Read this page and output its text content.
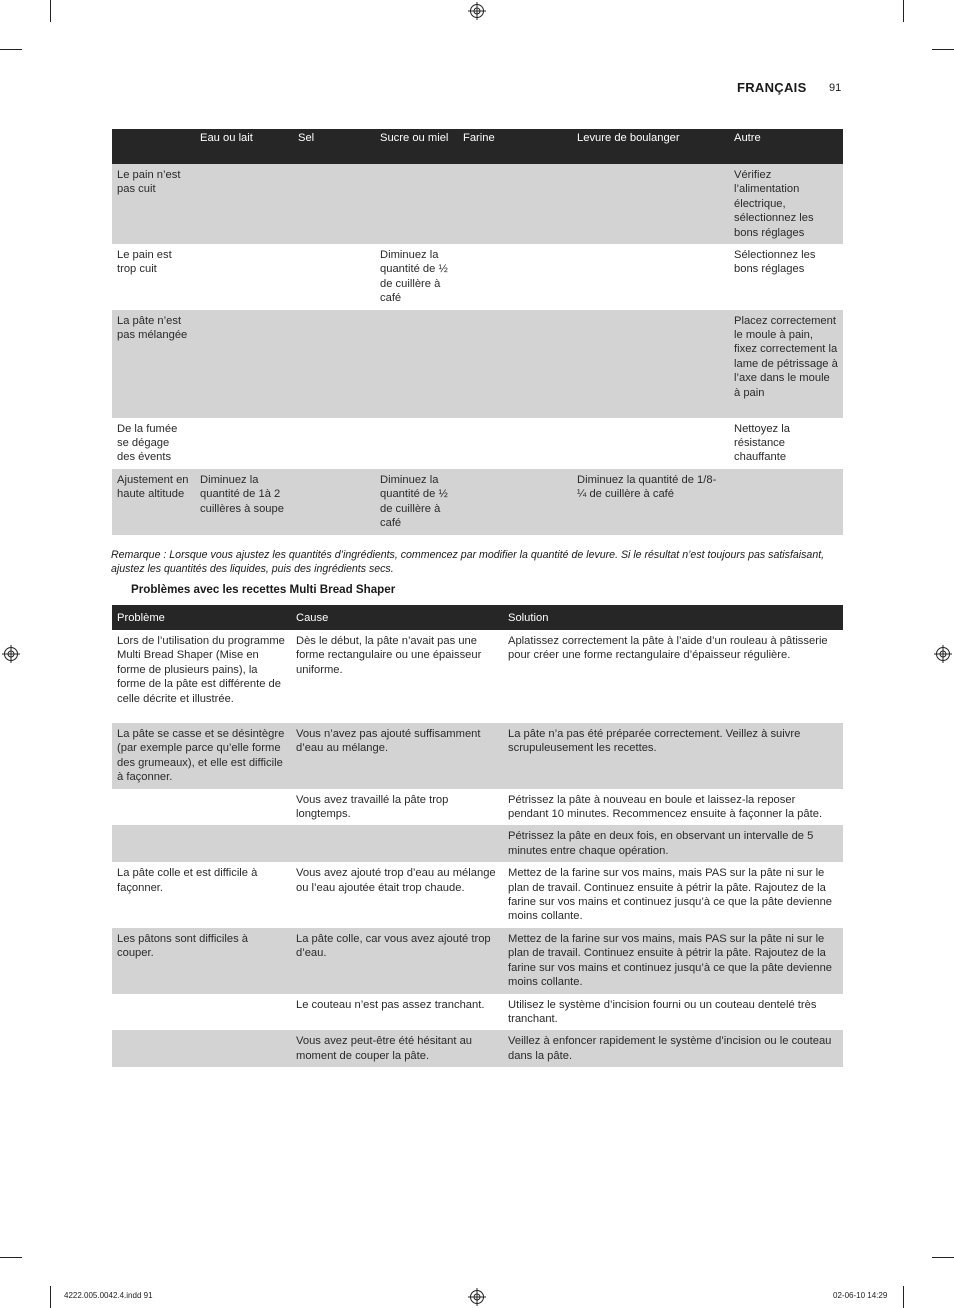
FRANÇAIS 91
	Eau ou lait	Sel	Sucre ou miel	Farine	Levure de boulanger	Autre
Le pain n’est pas cuit						Vérifiez l’alimentation électrique, sélectionnez les bons réglages
Le pain est trop cuit			Diminuez la quantité de ½ de cuillère à café			Sélectionnez les bons réglages
La pâte n’est pas mélangée						Placez correctement le moule à pain, fixez correctement la lame de pétrissage à l’axe dans le moule à pain
De la fumée se dégage des évents						Nettoyez la résistance chauffante
Ajustement en haute altitude	Diminuez la quantité de 1à 2 cuillères à soupe		Diminuez la quantité de ½ de cuillère à café		Diminuez la quantité de 1/8-¼ de cuillère à café	

Remarque : Lorsque vous ajustez les quantités d’ingrédients, commencez par modifier la quantité de levure. Si le résultat n’est toujours pas satisfaisant, ajustez les quantités des liquides, puis des ingrédients secs.

Problèmes avec les recettes Multi Bread Shaper
Problème	Cause	Solution
Lors de l’utilisation du programme Multi Bread Shaper (Mise en forme de plusieurs pains), la forme de la pâte est différente de celle décrite et illustrée.	Dès le début, la pâte n’avait pas une forme rectangulaire ou une épaisseur uniforme.	Aplatissez correctement la pâte à l’aide d’un rouleau à pâtisserie pour créer une forme rectangulaire d’épaisseur régulière.
La pâte se casse et se désintègre (par exemple parce qu’elle forme des grumeaux), et elle est difficile à façonner.	Vous n’avez pas ajouté suffisamment d’eau au mélange.	La pâte n’a pas été préparée correctement. Veillez à suivre scrupuleusement les recettes.
	Vous avez travaillé la pâte trop longtemps.	Pétrissez la pâte à nouveau en boule et laissez-la reposer pendant 10 minutes. Recommencez ensuite à façonner la pâte.
		Pétrissez la pâte en deux fois, en observant un intervalle de 5 minutes entre chaque opération.
La pâte colle et est difficile à façonner.	Vous avez ajouté trop d’eau au mélange ou l’eau ajoutée était trop chaude.	Mettez de la farine sur vos mains, mais PAS sur la pâte ni sur le plan de travail. Continuez ensuite à pétrir la pâte. Rajoutez de la farine sur vos mains et continuez jusqu’à ce que la pâte devienne moins collante.
Les pâtons sont difficiles à couper.	La pâte colle, car vous avez ajouté trop d’eau.	Mettez de la farine sur vos mains, mais PAS sur la pâte ni sur le plan de travail. Continuez ensuite à pétrir la pâte. Rajoutez de la farine sur vos mains et continuez jusqu’à ce que la pâte devienne moins collante.
	Le couteau n’est pas assez tranchant.	Utilisez le système d’incision fourni ou un couteau dentelé très tranchant.
	Vous avez peut-être été hésitant au moment de couper la pâte.	Veillez à enfoncer rapidement le système d’incision ou le couteau dans la pâte.
4222.005.0042.4.indd 91	02-06-10 14:29
